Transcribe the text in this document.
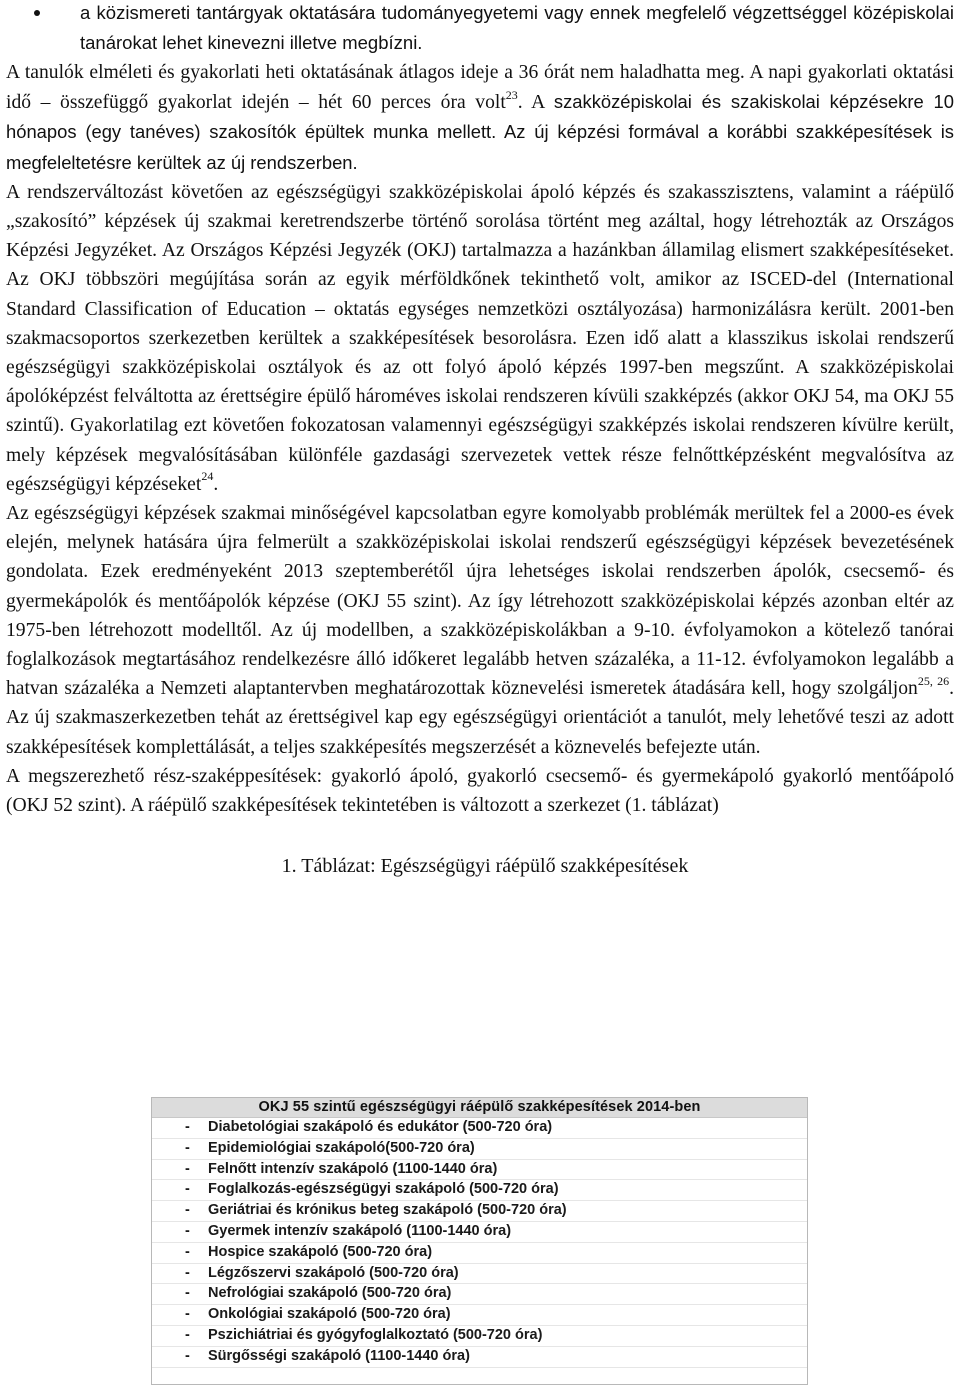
a közismereti tantárgyak oktatására tudományegyetemi vagy ennek megfelelő végzettséggel középiskolai tanárokat lehet kinevezni illetve megbízni.

A tanulók elméleti és gyakorlati heti oktatásának átlagos ideje a 36 órát nem haladhatta meg. A napi gyakorlati oktatási idő – összefüggő gyakorlat idején – hét 60 perces óra volt$^{23}$. A szakközépiskolai és szakiskolai képzésekre 10 hónapos (egy tanéves) szakosítók épültek munka mellett. Az új képzési formával a korábbi szakképesítések is megfeleltetésre kerültek az új rendszerben.

A rendszerváltozást követően az egészségügyi szakközépiskolai ápoló képzés és szakasszisztens, valamint a ráépülő „szakosító” képzések új szakmai keretrendszerbe történő sorolása történt meg azáltal, hogy létrehozták az Országos Képzési Jegyzéket. Az Országos Képzési Jegyzék (OKJ) tartalmazza a hazánkban államilag elismert szakképesítéseket. Az OKJ többszöri megújítása során az egyik mérföldkőnek tekinthető volt, amikor az ISCED-del (International Standard Classification of Education – oktatás egységes nemzetközi osztályozása) harmonizálásra került. 2001-ben szakmacsoportos szerkezetben kerültek a szakképesítések besorolásra. Ezen idő alatt a klasszikus iskolai rendszerű egészségügyi szakközépiskolai osztályok és az ott folyó ápoló képzés 1997-ben megszűnt. A szakközépiskolai ápolóképzést felváltotta az érettségire épülő hároméves iskolai rendszeren kívüli szakképzés (akkor OKJ 54, ma OKJ 55 szintű). Gyakorlatilag ezt követően fokozatosan valamennyi egészségügyi szakképzés iskolai rendszeren kívülre került, mely képzések megvalósításában különféle gazdasági szervezetek vettek része felnőttképzésként megvalósítva az egészségügyi képzéseket$^{24}$.

Az egészségügyi képzések szakmai minőségével kapcsolatban egyre komolyabb problémák merültek fel a 2000-es évek elején, melynek hatására újra felmerült a szakközépiskolai iskolai rendszerű egészségügyi képzések bevezetésének gondolata. Ezek eredményeként 2013 szeptemberétől újra lehetséges iskolai rendszerben ápolók, csecsemő- és gyermekápolók és mentőápolók képzése (OKJ 55 szint). Az így létrehozott szakközépiskolai képzés azonban eltér az 1975-ben létrehozott modelltől. Az új modellben, a szakközépiskolákban a 9-10. évfolyamokon a kötelező tanórai foglalkozások megtartásához rendelkezésre álló időkeret legalább hetven százaléka, a 11-12. évfolyamokon legalább a hatvan százaléka a Nemzeti alaptantervben meghatározottak köznevelési ismeretek átadására kell, hogy szolgáljon$^{25, 26}$. Az új szakmaszerkezetben tehát az érettségivel kap egy egészségügyi orientációt a tanulót, mely lehetővé teszi az adott szakképesítések komplettálását, a teljes szakképesítés megszerzését a köznevelés befejezte után.

A megszerezhető rész-szaképpesítések: gyakorló ápoló, gyakorló csecsemő- és gyermekápoló gyakorló mentőápoló (OKJ 52 szint). A ráépülő szakképesítések tekintetében is változott a szerkezet (1. táblázat)

1. Táblázat: Egészségügyi ráépülő szakképesítések
OKJ 55 szintű egészségügyi ráépülő szakképesítések 2014-ben
-	Diabetológiai szakápoló és edukátor (500-720 óra)
-	Epidemiológiai szakápoló(500-720 óra)
-	Felnőtt intenzív szakápoló (1100-1440 óra)
-	Foglalkozás-egészségügyi szakápoló (500-720 óra)
-	Geriátriai és krónikus beteg szakápoló (500-720 óra)
-	Gyermek intenzív szakápoló (1100-1440 óra)
-	Hospice szakápoló (500-720 óra)
-	Légzőszervi szakápoló (500-720 óra)
-	Nefrológiai szakápoló (500-720 óra)
-	Onkológiai szakápoló (500-720 óra)
-	Pszichiátriai és gyógyfoglalkoztató (500-720 óra)
-	Sürgősségi szakápoló (1100-1440 óra)
